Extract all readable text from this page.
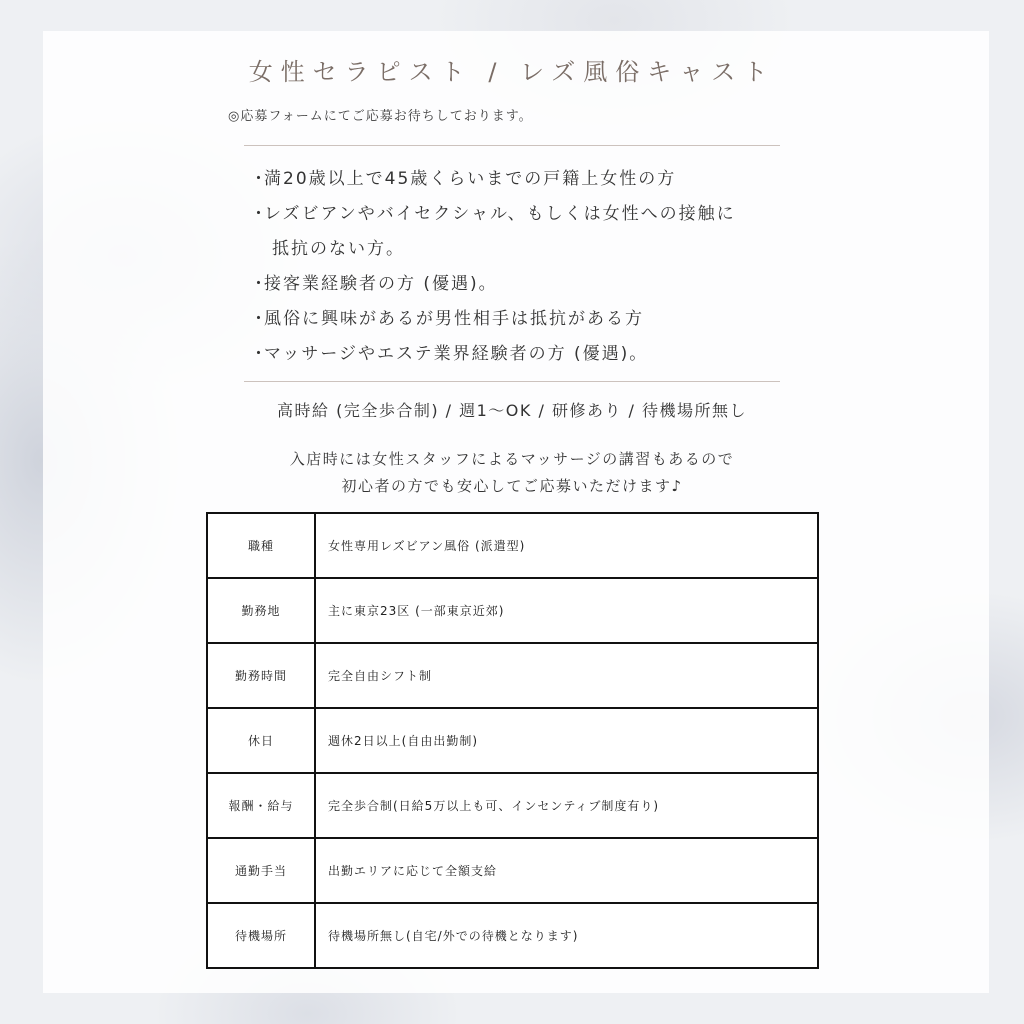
女性セラピスト / レズ風俗キャスト
◎応募フォームにてご応募お待ちしております。
・満20歳以上で45歳くらいまでの戸籍上女性の方
・レズビアンやバイセクシャル、もしくは女性への接触に
抵抗のない方。
・接客業経験者の方 (優遇)。
・風俗に興味があるが男性相手は抵抗がある方
・マッサージやエステ業界経験者の方 (優遇)。
高時給 (完全歩合制) / 週1～OK / 研修あり / 待機場所無し
入店時には女性スタッフによるマッサージの講習もあるので
初心者の方でも安心してご応募いただけます♪
職種	女性専用レズビアン風俗 (派遣型)
勤務地	主に東京23区 (一部東京近郊)
勤務時間	完全自由シフト制
休日	週休2日以上(自由出勤制)
報酬・給与	完全歩合制(日給5万以上も可、インセンティブ制度有り)
通勤手当	出勤エリアに応じて全額支給
待機場所	待機場所無し(自宅/外での待機となります)
